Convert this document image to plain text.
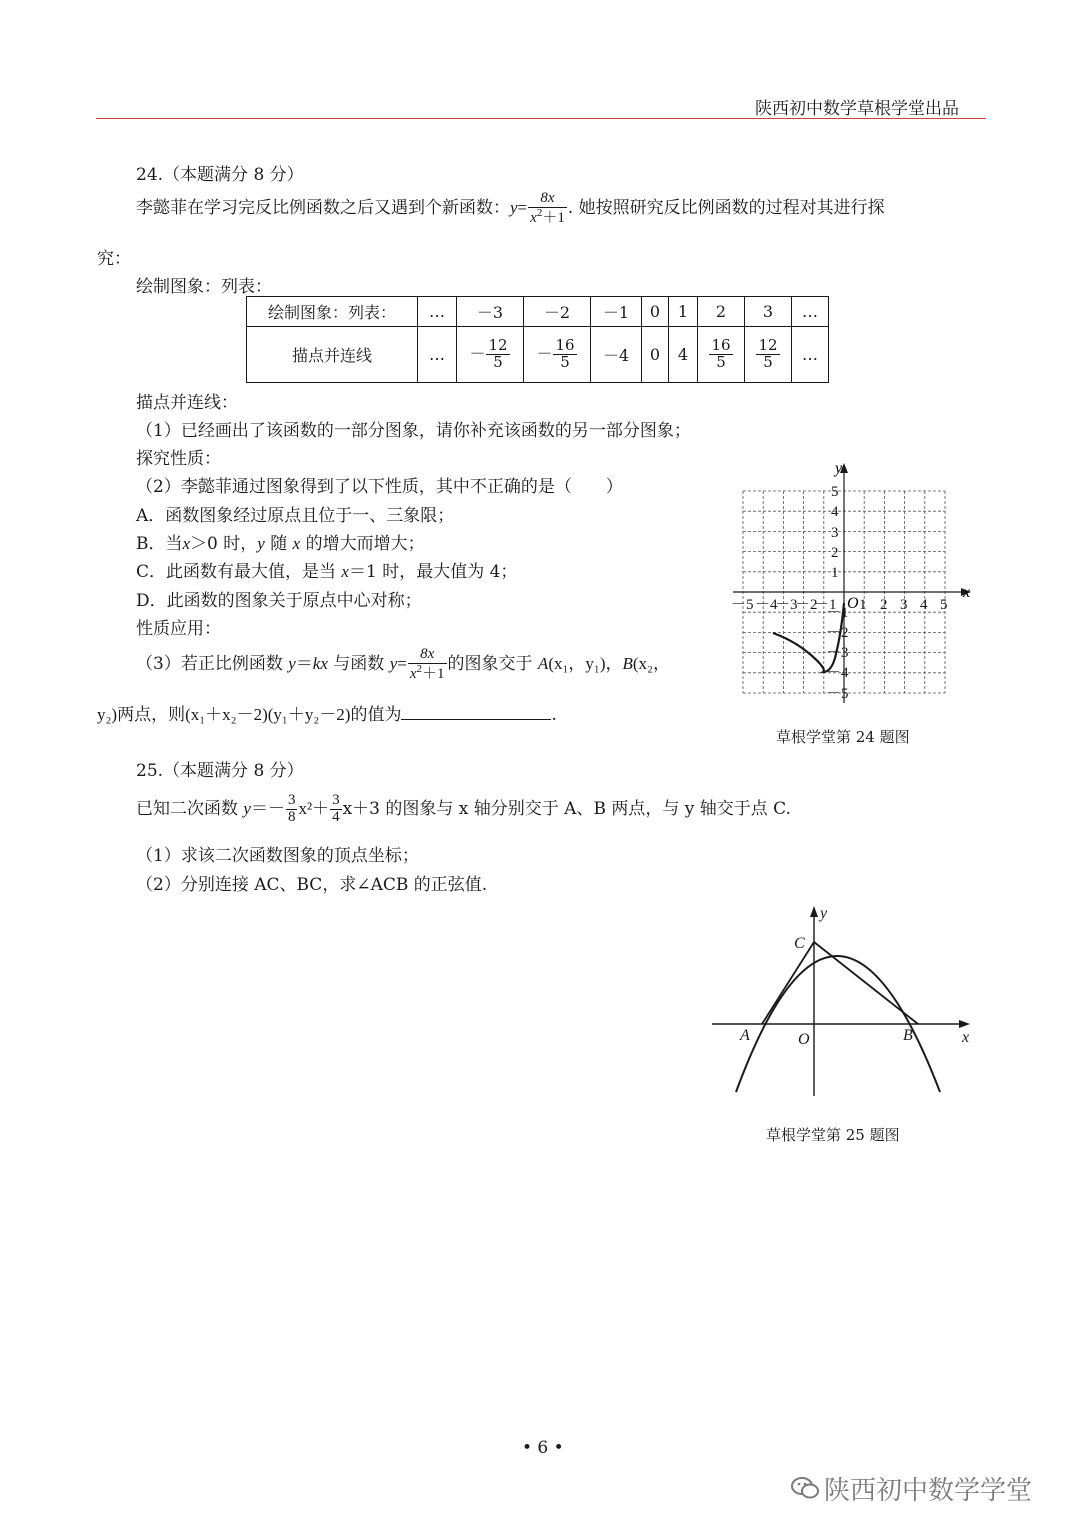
陕西初中数学草根学堂出品
24.（本题满分 8 分）
李懿菲在学习完反比例函数之后又遇到个新函数：$y= \frac{8x}{x^2+1}$ . 她按照研究反比例函数的过程对其进行探
究：
绘制图象：列表：
绘制图象：列表：	…	－3	－2	－1	0	1	2	3	…
描点并连线	…	－ $\frac{12}{5}$	－ $\frac{16}{5}$	－4	0	4	$\frac{16}{5}$	$\frac{12}{5}$	…
描点并连线：
（1）已经画出了该函数的一部分图象，请你补充该函数的另一部分图象；
探究性质：
（2）李懿菲通过图象得到了以下性质，其中不正确的是（　　）
A．函数图象经过原点且位于一、三象限；
B．当x＞0 时，y 随 x 的增大而增大；
C．此函数有最大值，是当 x＝1 时，最大值为 4；
D．此函数的图象关于原点中心对称；
性质应用：
（3）若正比例函数 y＝kx 与函数 $y= \frac{8x}{x^2+1}$ 的图象交于 A(x₁，y₁)，B(x₂，
y₂)两点，则(x₁＋x₂－2)(y₁＋y₂－2)的值为	.
x
y
O
－5 －4
－3
－2
－1 1 2 3 4 5
1
2
3
4
5
－1
－2
－3
－4
－5
草根学堂第 24 题图
25.（本题满分 8 分）
已知二次函数 $y=- \frac{3}{8} x^2+ \frac{3}{4} x+3$ 的图象与 x 轴分别交于 A、B 两点，与 y 轴交于点 C.
（1）求该二次函数图象的顶点坐标；
（2）分别连接 AC、BC，求∠ACB 的正弦值.
x
y
A	B
C
O
草根学堂第 25 题图
• 6 •
陕西初中数学学堂
